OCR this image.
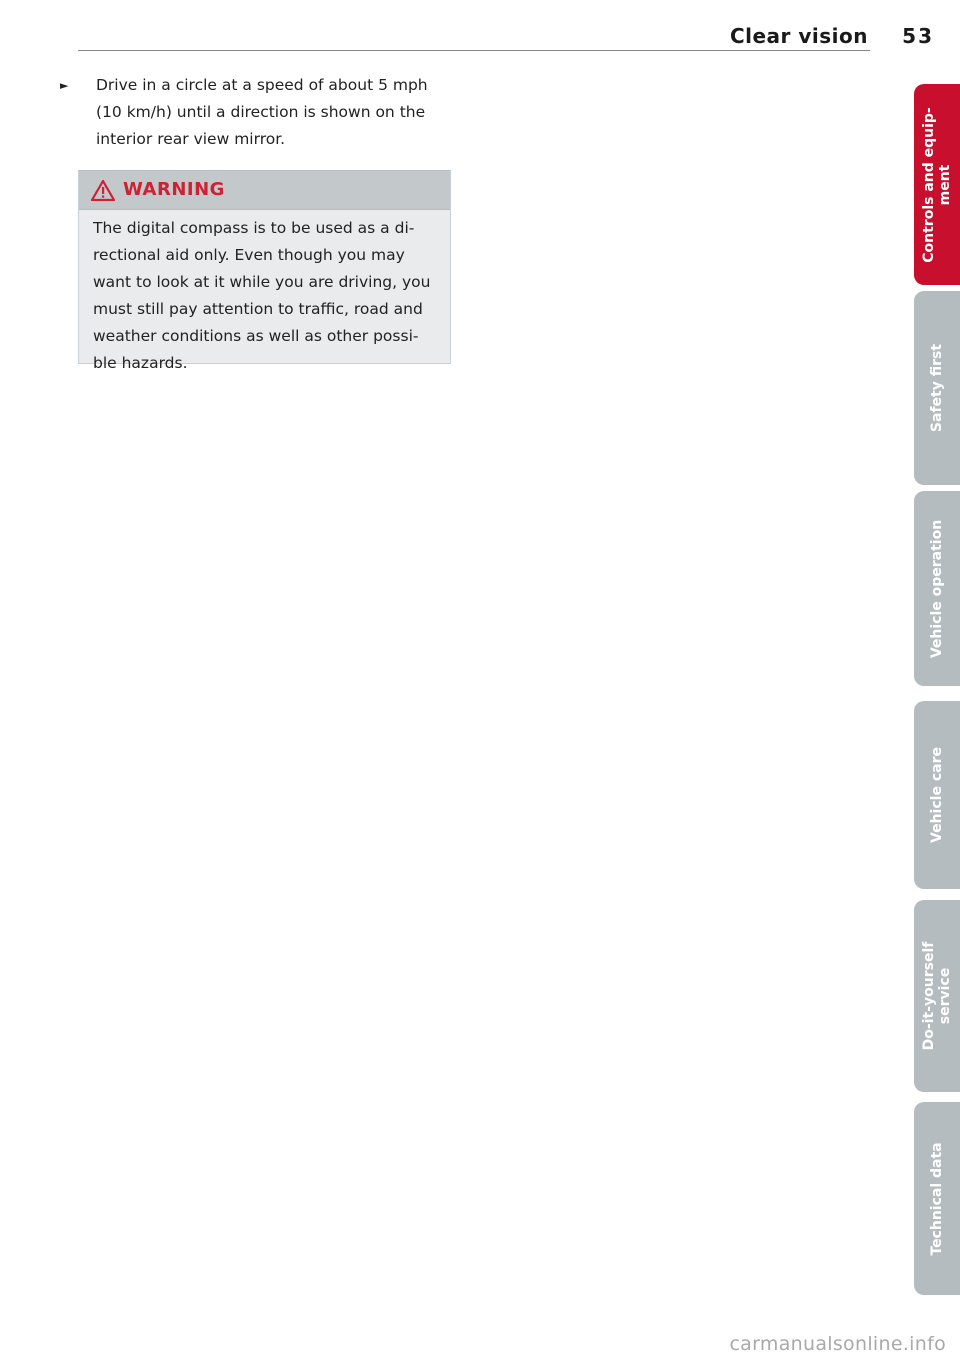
Clear vision 53
► Drive in a circle at a speed of about 5 mph (10 km/h) until a direction is shown on the interior rear view mirror.
WARNING
The digital compass is to be used as a di-
rectional aid only. Even though you may
want to look at it while you are driving, you
must still pay attention to traffic, road and
weather conditions as well as other possi-
ble hazards.
Controls and equip-
ment
Safety first
Vehicle operation
Vehicle care
Do-it-yourself
service
Technical data
carmanualsonline.info
